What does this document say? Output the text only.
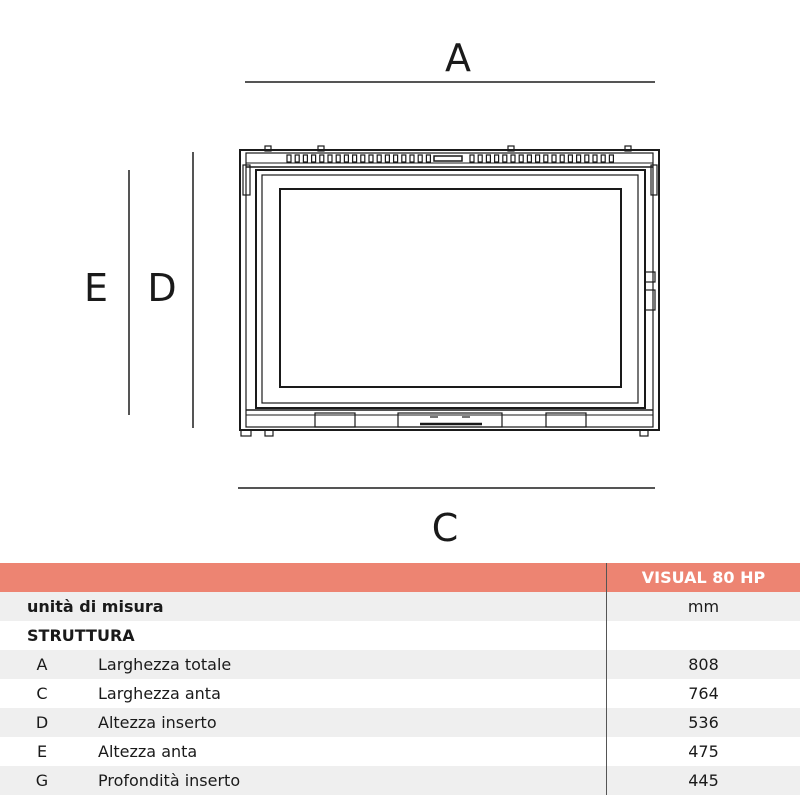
A
C
E D
		VISUAL 80 HP
unità di misura		mm
STRUTTURA		
A	Larghezza totale	808
C	Larghezza anta	764
D	Altezza inserto	536
E	Altezza anta	475
G	Profondità inserto	445
